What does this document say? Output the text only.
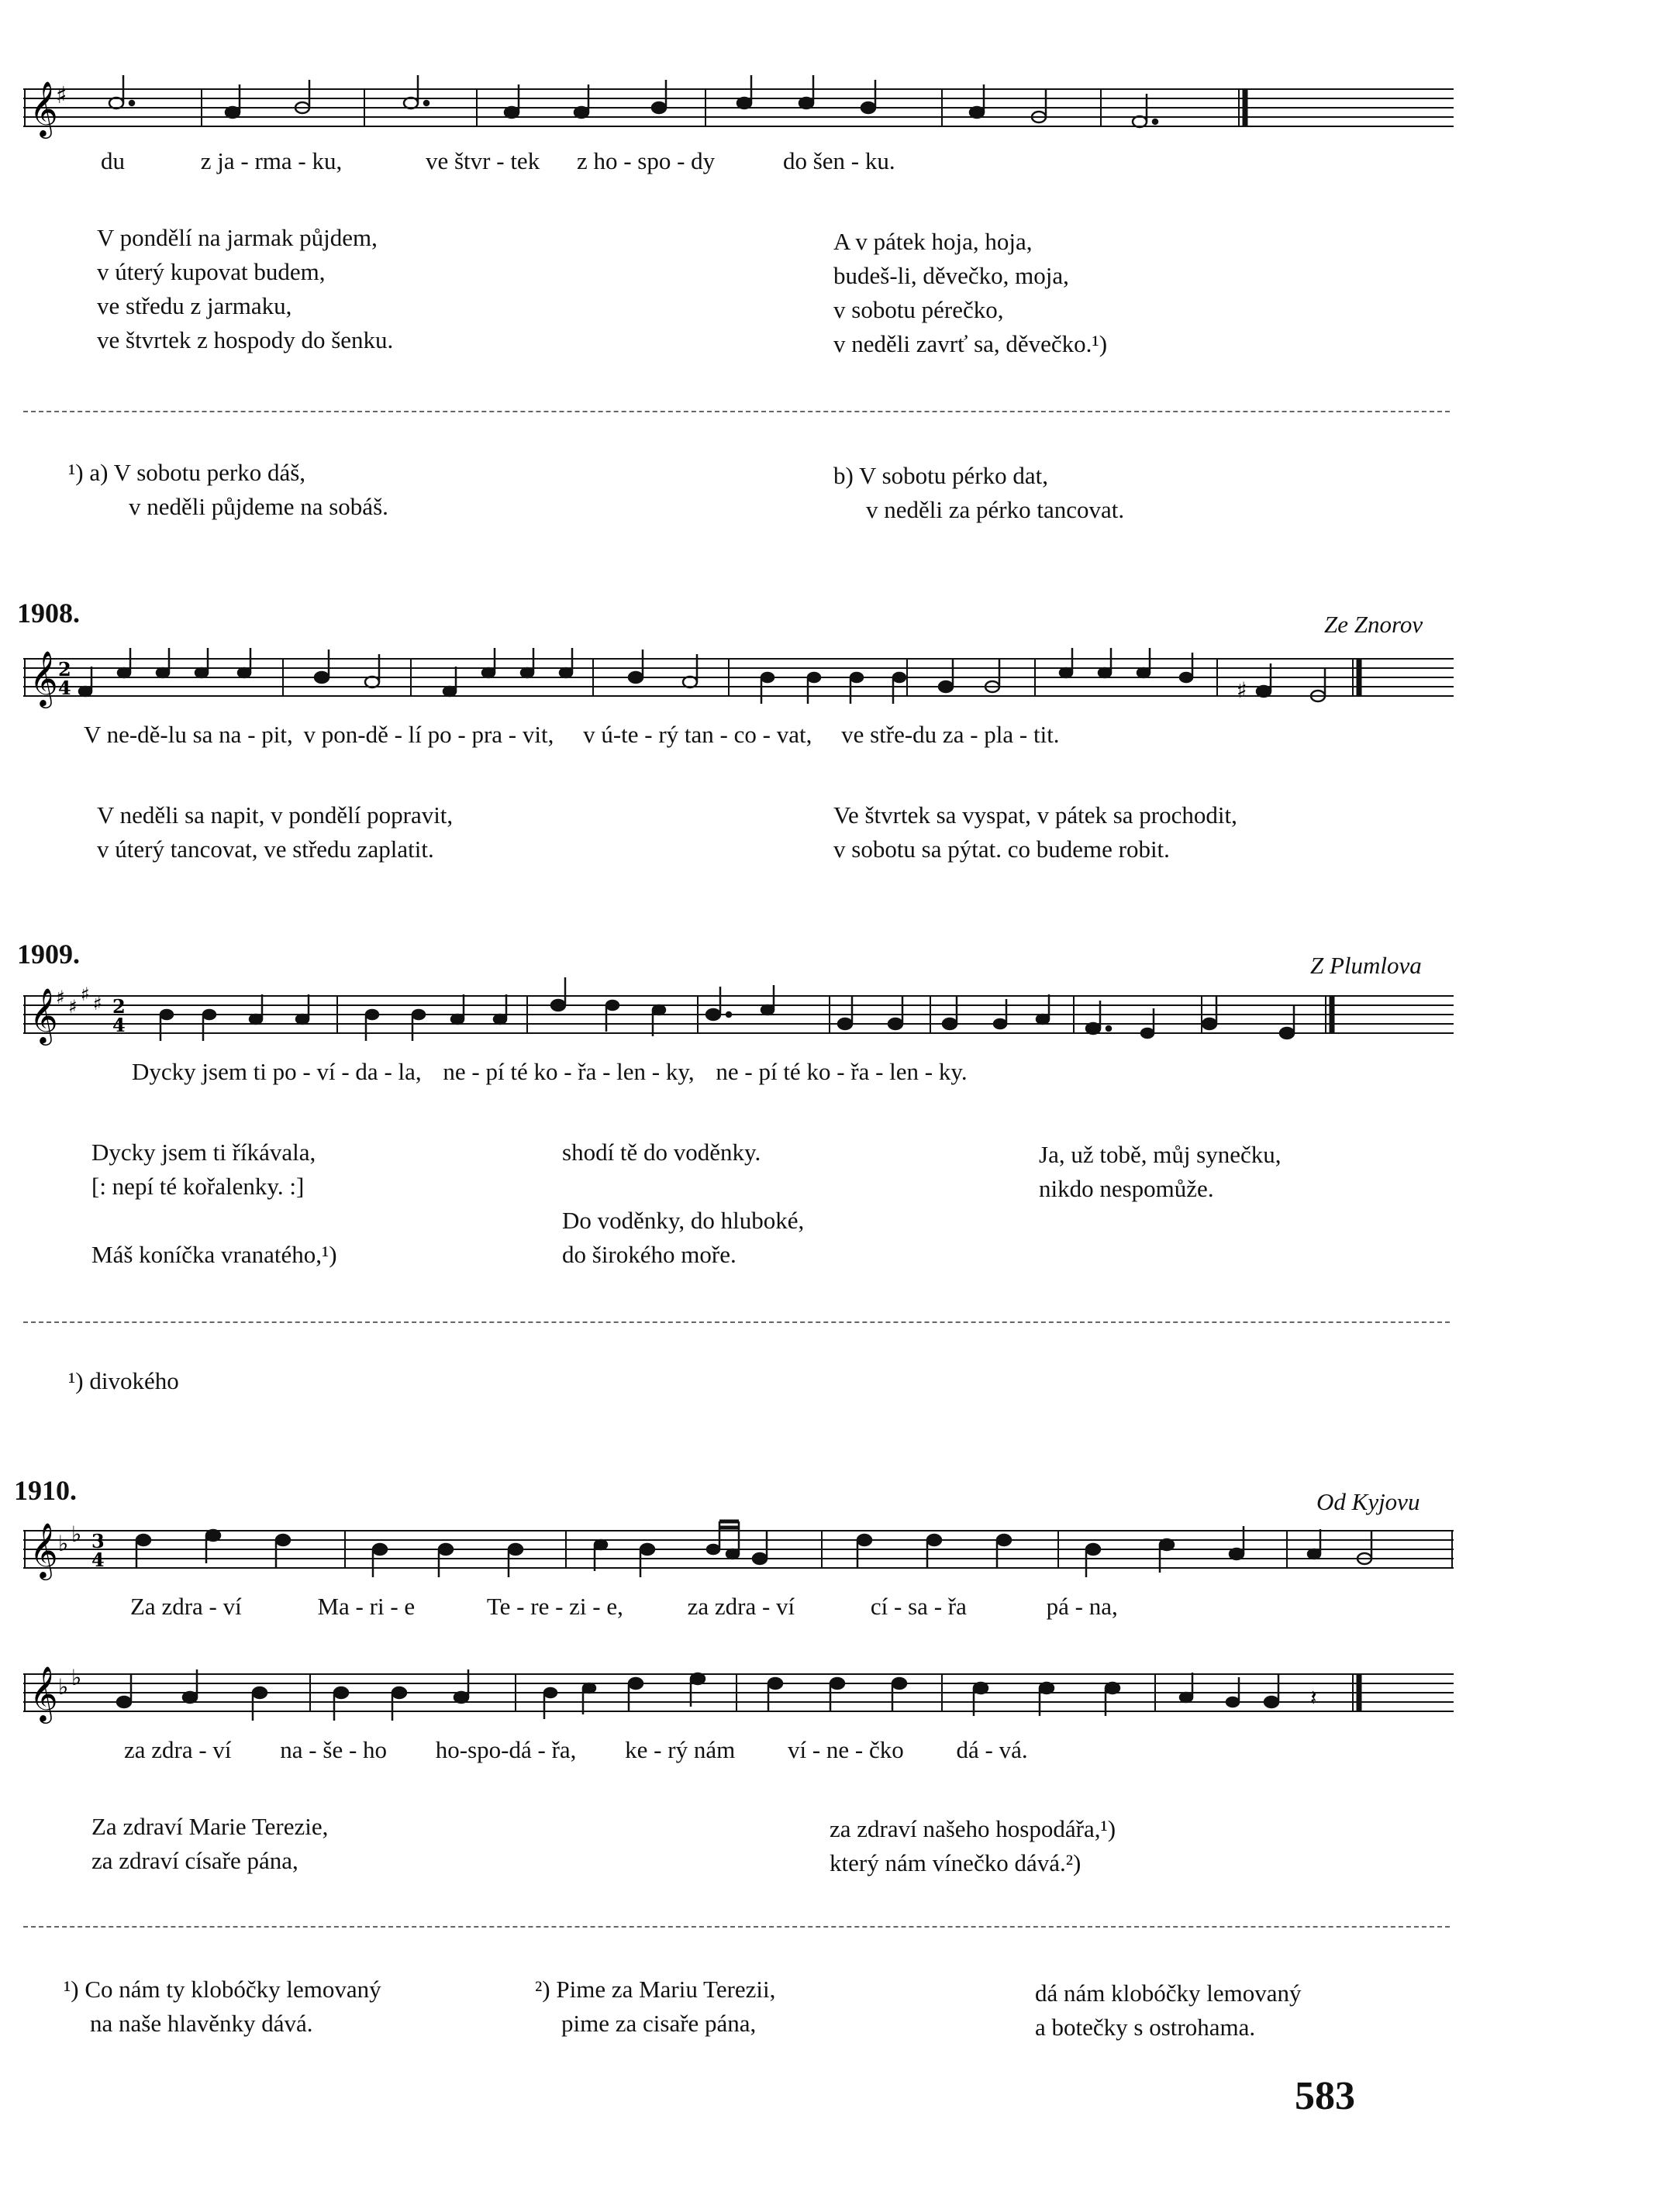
𝄞
♯
du	z ja - rma - ku,	ve štvr - tek z ho - spo - dy	do šen - ku.
V pondělí na jarmak půjdem,
v úterý kupovat budem,
ve středu z jarmaku,
ve štvrtek z hospody do šenku.
A v pátek hoja, hoja,
budeš-li, děvečko, moja,
v sobotu pérečko,
v neděli zavrť sa, děvečko.¹)
¹) a) V sobotu perko dáš,
v neděli půjdeme na sobáš.
b) V sobotu pérko dat,
v neděli za pérko tancovat.
1908.	Ze Znorov
𝄞 2
4	♯
V ne-dě-lu sa na - pit, v pon-dě - lí po - pra - vit, v ú-te - rý tan - co - vat, ve stře-du za - pla - tit.
V neděli sa napit, v pondělí popravit,
v úterý tancovat, ve středu zaplatit.
Ve štvrtek sa vyspat, v pátek sa prochodit,
v sobotu sa pýtat. co budeme robit.
1909.	Z Plumlova
𝄞
♯ ♯
♯ ♯ 2
4
Dycky jsem ti po - ví - da - la, ne - pí té ko - řa - len - ky, ne - pí té ko - řa - len - ky.
Dycky jsem ti říkávala,
[: nepí té kořalenky. :]
Máš koníčka vranatého,¹)
shodí tě do voděnky.
Do voděnky, do hluboké,
do širokého moře.
Ja, už tobě, můj synečku,
nikdo nespomůže.
¹) divokého
1910.	Od Kyjovu
𝄞 ♭ ♭ 3
4
Za zdra - ví	Ma - ri - e	Te - re - zi - e,	za zdra - ví	cí - sa - řa	pá - na,
𝄞 ♭ ♭
𝄽
za zdra - ví na - še - ho ho-spo-dá - řa, ke - rý nám ví - ne - čko dá - vá.
Za zdraví Marie Terezie,
za zdraví císaře pána,
za zdraví našeho hospodářa,¹)
který nám vínečko dává.²)
¹) Co nám ty klobóčky lemovaný
na naše hlavěnky dává.
²) Pime za Mariu Terezii,
pime za cisaře pána,
dá nám klobóčky lemovaný
a botečky s ostrohama.
583
